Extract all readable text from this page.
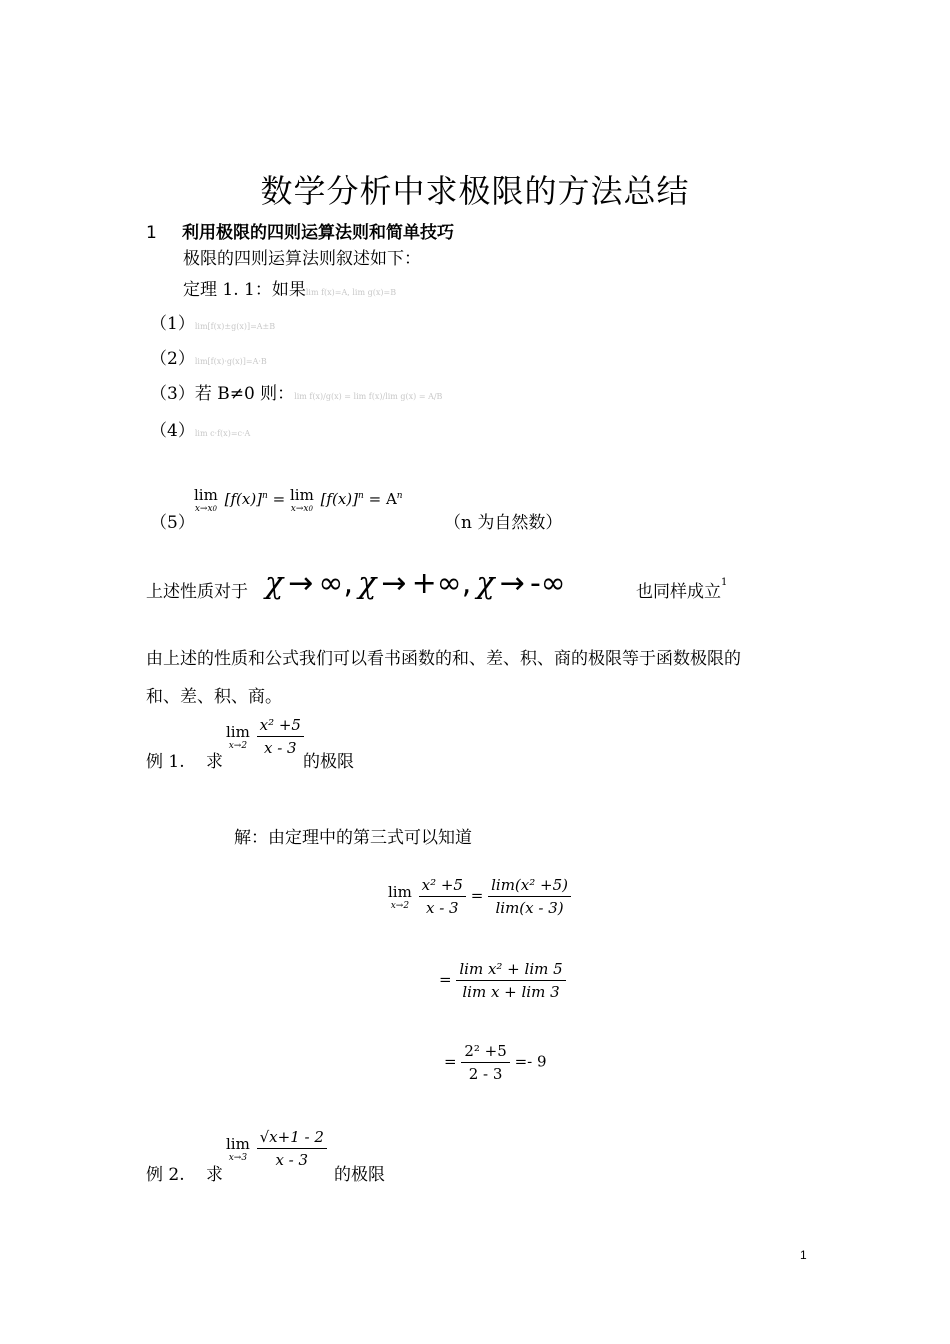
数学分析中求极限的方法总结
1 利用极限的四则运算法则和简单技巧
极限的四则运算法则叙述如下：
定理 1. 1：如果lim f(x)=A, lim g(x)=B
（1）lim[f(x)±g(x)]=A±B
（2）lim[f(x)·g(x)]=A·B
（3）若 B≠0 则：lim f(x)/g(x) = lim f(x)/lim g(x) = A/B
（4）lim c·f(x)=c·A
（5）
lim
x→x0
$[f(x)]^n = \lim$
x→x0
$[f(x)]^n = A^n$
（n 为自然数）
上述性质对于 χ → ∞, χ → +∞, χ → -∞	也同样成立$^1$
由上述的性质和公式我们可以看书函数的和、差、积、商的极限等于函数极限的
和、差、积、商。
例 1. 求
lim
x→2
$\frac{\text{x² +5}}{x - 3}$
的极限
解：由定理中的第三式可以知道
lim
x→2
$\frac{\text{x² +5}}{x - 3} = \frac{\text{lim(x² +5)}}{\lim(x - 3)}$
= $\frac{\text{lim x² + lim 5}}{\text{lim x + lim 3}}$
= $\frac{\text{2² +5}}{2 - 3} =- 9$
例 2. 求
lim
x→3
$\frac{√x+1 - 2}{x - 3}$
的极限
1
